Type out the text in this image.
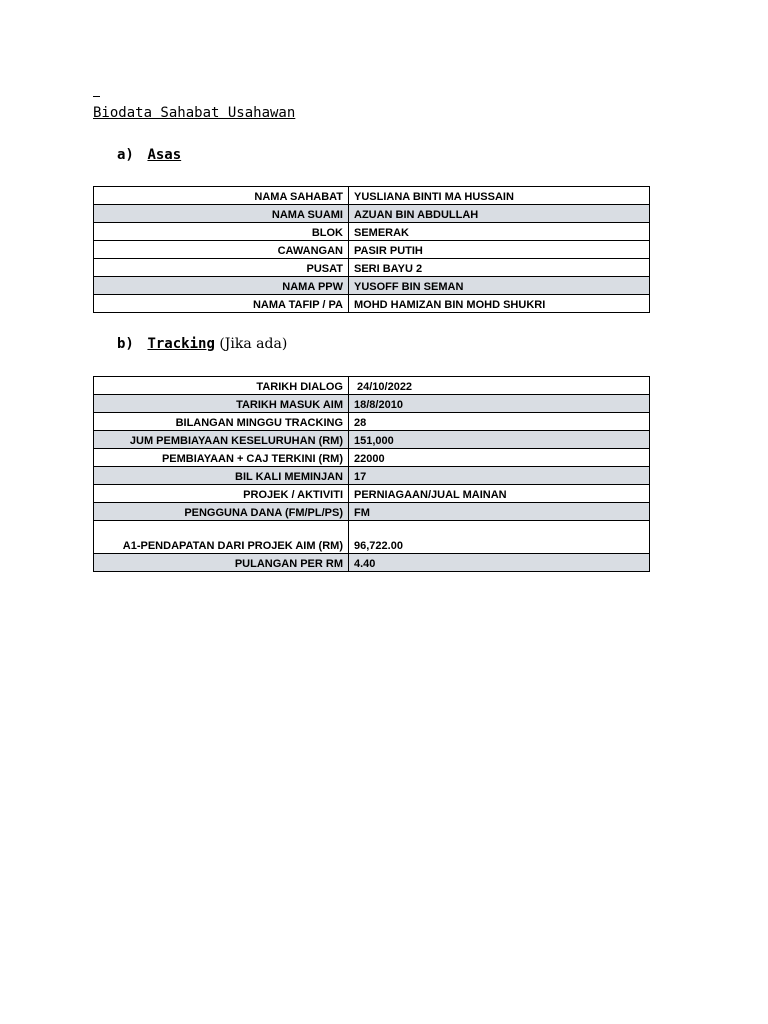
Biodata Sahabat Usahawan
a) Asas
NAMA SAHABAT	YUSLIANA BINTI MA HUSSAIN
NAMA SUAMI	AZUAN BIN ABDULLAH
BLOK	SEMERAK
CAWANGAN	PASIR PUTIH
PUSAT	SERI BAYU 2
NAMA PPW	YUSOFF BIN SEMAN
NAMA TAFIP / PA	MOHD HAMIZAN BIN MOHD SHUKRI
b) Tracking (Jika ada)
TARIKH DIALOG	24/10/2022
TARIKH MASUK AIM	18/8/2010
BILANGAN MINGGU TRACKING	28
JUM PEMBIAYAAN KESELURUHAN (RM)	151,000
PEMBIAYAAN + CAJ TERKINI (RM)	22000
BIL KALI MEMINJAN	17
PROJEK / AKTIVITI	PERNIAGAAN/JUAL MAINAN
PENGGUNA DANA (FM/PL/PS)	FM
A1-PENDAPATAN DARI PROJEK AIM (RM)	96,722.00
PULANGAN PER RM	4.40
